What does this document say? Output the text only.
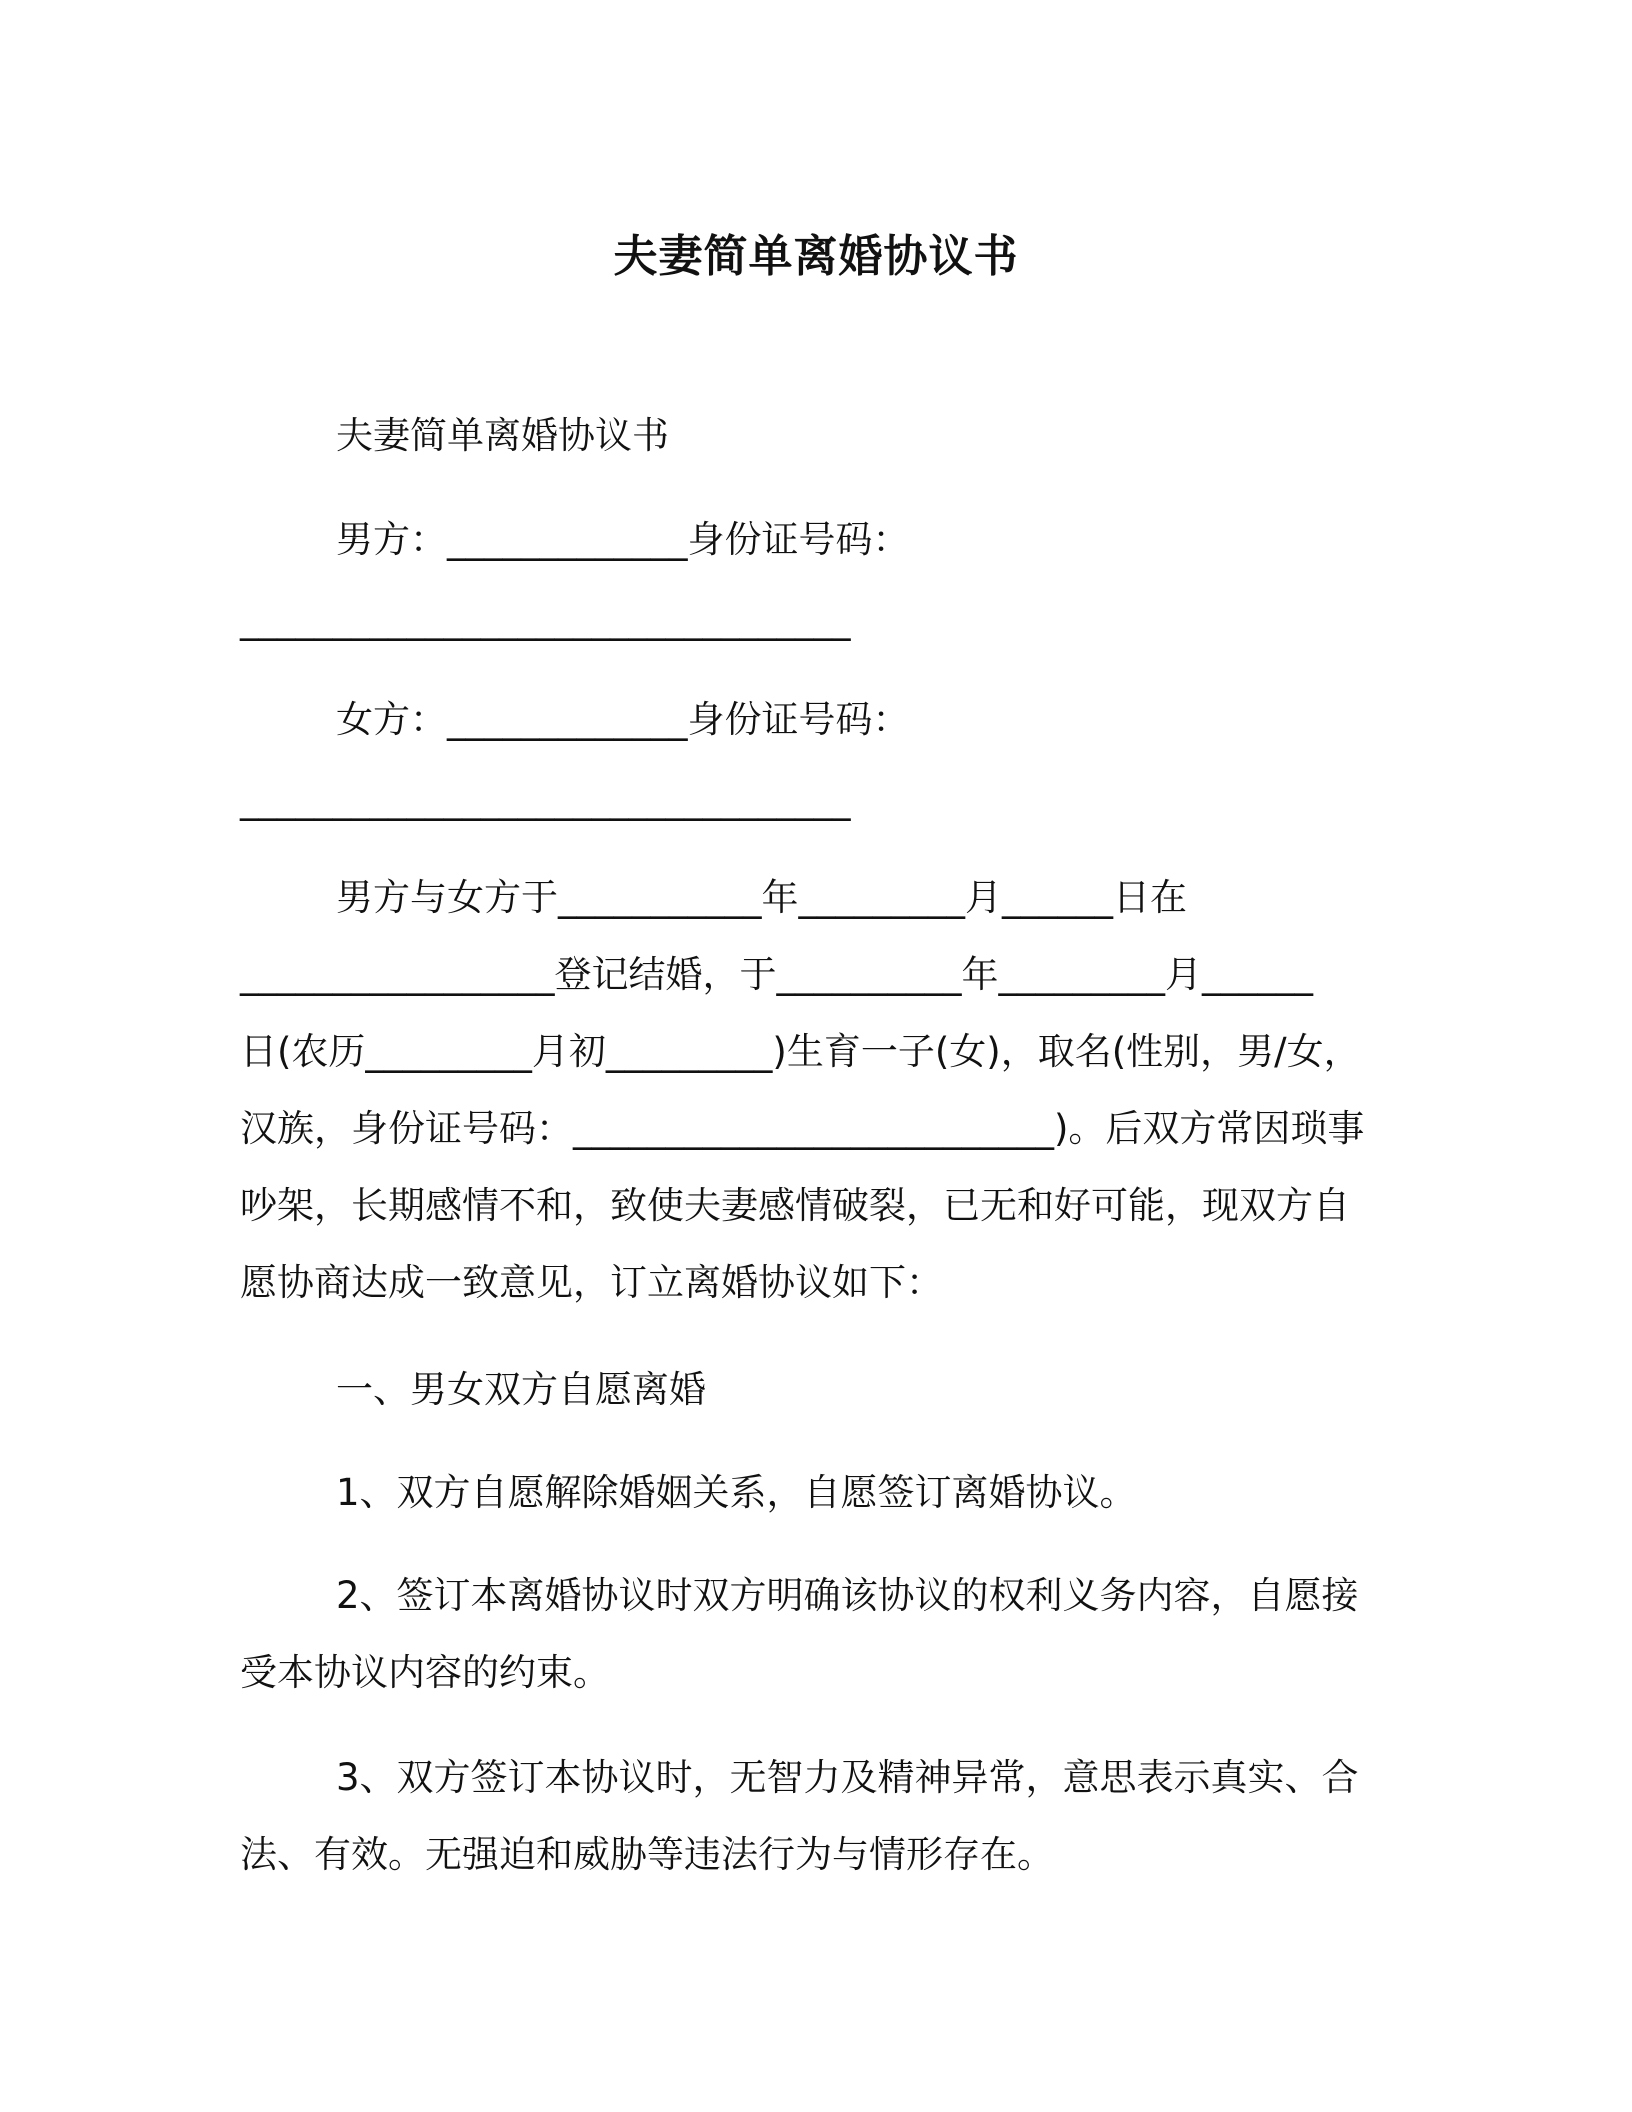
夫妻简单离婚协议书
夫妻简单离婚协议书
男方：_____________身份证号码：
_________________________________
女方：_____________身份证号码：
_________________________________
男方与女方于___________年_________月______日在
_________________登记结婚，于__________年_________月______
日(农历_________月初_________)生育一子(女)，取名(性别，男/女，
汉族，身份证号码：__________________________)。后双方常因琐事
吵架，长期感情不和，致使夫妻感情破裂，已无和好可能，现双方自
愿协商达成一致意见，订立离婚协议如下：
一、男女双方自愿离婚
1、双方自愿解除婚姻关系，自愿签订离婚协议。
2、签订本离婚协议时双方明确该协议的权利义务内容，自愿接
受本协议内容的约束。
3、双方签订本协议时，无智力及精神异常，意思表示真实、合
法、有效。无强迫和威胁等违法行为与情形存在。
